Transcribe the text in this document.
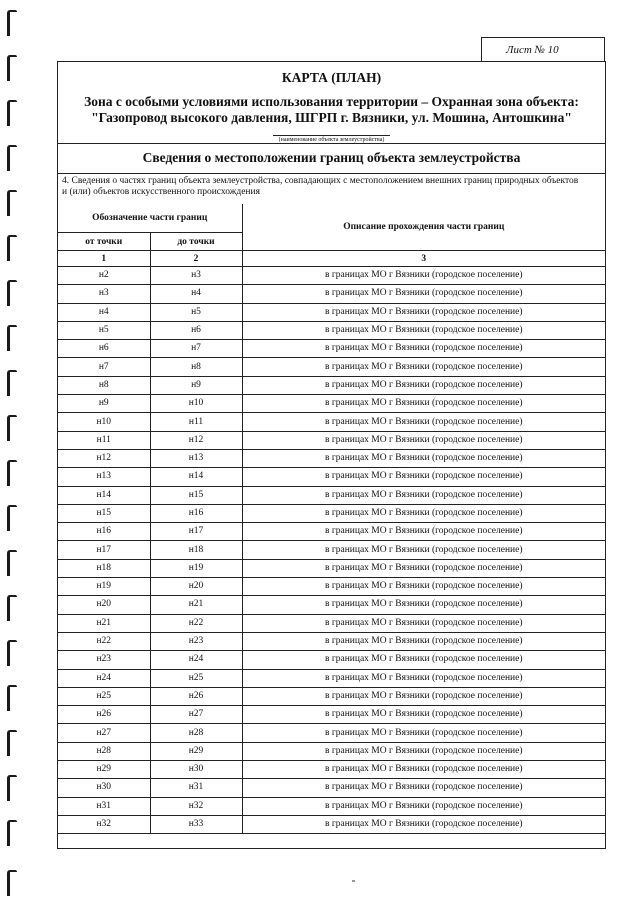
Лист № 10
КАРТА (ПЛАН)
Зона с особыми условиями использования территории – Охранная зона объекта:
"Газопровод высокого давления, ШГРП г. Вязники, ул. Мошина, Антошкина"
(наименование объекта землеустройства)
Сведения о местоположении границ объекта землеустройства
4. Сведения о частях границ объекта землеустройства, совпадающих с местоположением внешних границ природных объектов и (или) объектов искусственного происхождения
Обозначение части границ		Описание прохождения части границ
от точки	до точки	
1	2	3
н2	н3	в границах МО г Вязники (городское поселение)
н3	н4	в границах МО г Вязники (городское поселение)
н4	н5	в границах МО г Вязники (городское поселение)
н5	н6	в границах МО г Вязники (городское поселение)
н6	н7	в границах МО г Вязники (городское поселение)
н7	н8	в границах МО г Вязники (городское поселение)
н8	н9	в границах МО г Вязники (городское поселение)
н9	н10	в границах МО г Вязники (городское поселение)
н10	н11	в границах МО г Вязники (городское поселение)
н11	н12	в границах МО г Вязники (городское поселение)
н12	н13	в границах МО г Вязники (городское поселение)
н13	н14	в границах МО г Вязники (городское поселение)
н14	н15	в границах МО г Вязники (городское поселение)
н15	н16	в границах МО г Вязники (городское поселение)
н16	н17	в границах МО г Вязники (городское поселение)
н17	н18	в границах МО г Вязники (городское поселение)
н18	н19	в границах МО г Вязники (городское поселение)
н19	н20	в границах МО г Вязники (городское поселение)
н20	н21	в границах МО г Вязники (городское поселение)
н21	н22	в границах МО г Вязники (городское поселение)
н22	н23	в границах МО г Вязники (городское поселение)
н23	н24	в границах МО г Вязники (городское поселение)
н24	н25	в границах МО г Вязники (городское поселение)
н25	н26	в границах МО г Вязники (городское поселение)
н26	н27	в границах МО г Вязники (городское поселение)
н27	н28	в границах МО г Вязники (городское поселение)
н28	н29	в границах МО г Вязники (городское поселение)
н29	н30	в границах МО г Вязники (городское поселение)
н30	н31	в границах МО г Вязники (городское поселение)
н31	н32	в границах МО г Вязники (городское поселение)
н32	н33	в границах МО г Вязники (городское поселение)
